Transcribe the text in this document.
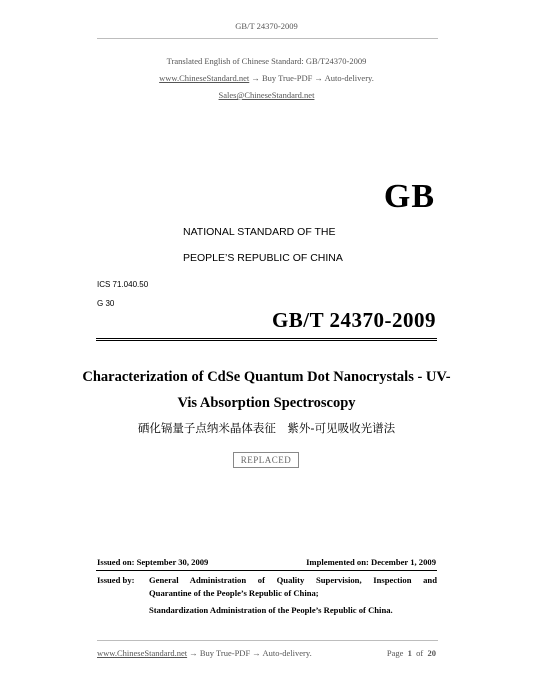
GB/T 24370-2009
Translated English of Chinese Standard: GB/T24370-2009
www.ChineseStandard.net → Buy True-PDF → Auto-delivery.
Sales@ChineseStandard.net
GB
NATIONAL STANDARD OF THE
PEOPLE’S REPUBLIC OF CHINA
ICS 71.040.50
G 30
GB/T 24370-2009
Characterization of CdSe Quantum Dot Nanocrystals - UV-
Vis Absorption Spectroscopy
硒化镉量子点纳米晶体表征　紫外-可见吸收光谱法
REPLACED
Issued on: September 30, 2009	Implemented on: December 1, 2009
Issued by: General Administration of Quality Supervision, Inspection and
Quarantine of the People’s Republic of China;
Standardization Administration of the People’s Republic of China.
www.ChineseStandard.net → Buy True-PDF → Auto-delivery.	Page 1 of 20
